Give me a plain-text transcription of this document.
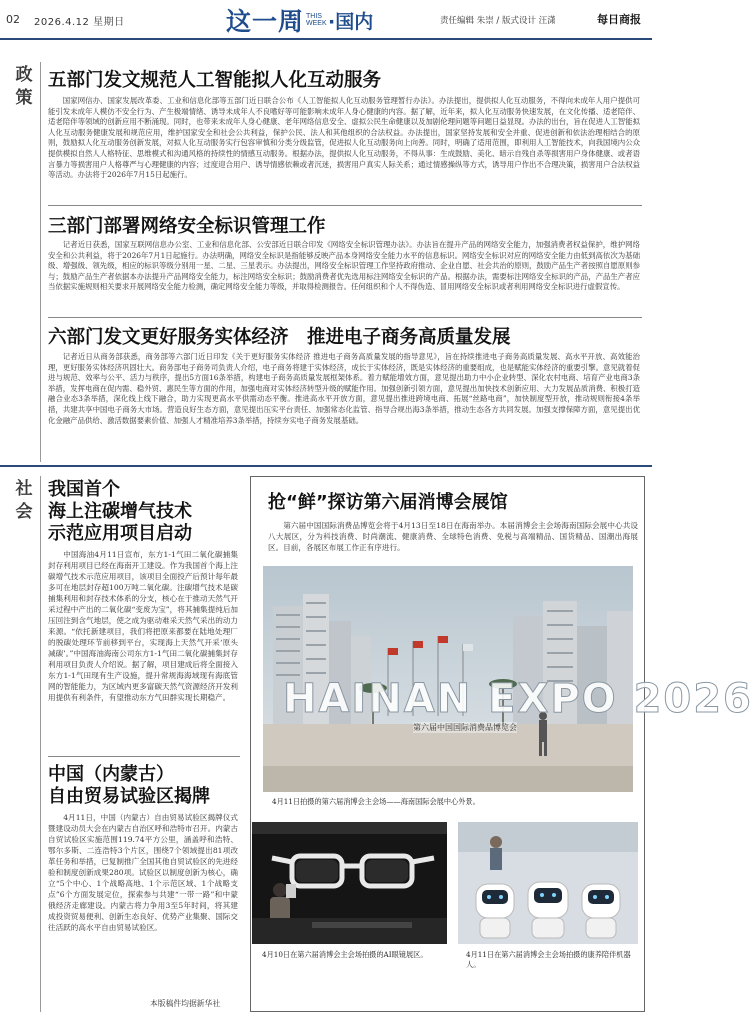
02 2026.4.12 星期日	这一周 THIS WEEK ·国内	责任编辑 朱崇 / 版式设计 汪潇	每日商报
政策
五部门发文规范人工智能拟人化互动服务

国家网信办、国家发展改革委、工业和信息化部等五部门近日联合公布《人工智能拟人化互动服务管理暂行办法》。办法提出，提供拟人化互动服务，不得向未成年人用户提供可能引发未成年人模仿不安全行为、产生极端情绪、诱导未成年人不良嗜好等可能影响未成年人身心健康的内容。据了解，近年来，拟人化互动服务快速发展，在文化传播、适老陪伴、适老陪伴等领域的创新应用不断涌现。同时，也带来未成年人身心健康、老年网络信息安全、虚拟公民生命健康以及加剧伦理问题等问题日益显现。办法的出台，旨在促进人工智能拟人化互动服务健康发展和规范应用，维护国家安全和社会公共利益，保护公民、法人和其他组织的合法权益。办法提出，国家坚持发展和安全并重、促进创新和依法治理相结合的原则，鼓励拟人化互动服务创新发展，对拟人化互动服务实行包容审慎和分类分级监管，促进拟人化互动服务向上向善。同时，明确了适用范围，即利用人工智能技术，向我国境内公众提供模拟自然人人格特征、思维模式和沟通风格的持续性的情感互动服务。根据办法，提供拟人化互动服务，不得从事：生成鼓励、美化、暗示自残自杀等损害用户身体健康、或者语言暴力等损害用户人格尊严与心理健康的内容；过度迎合用户、诱导情感依赖或者沉迷，损害用户真实人际关系；通过情感操纵等方式，诱导用户作出不合理决策，损害用户合法权益等活动。办法将于2026年7月15日起施行。

三部门部署网络安全标识管理工作

记者近日获悉，国家互联网信息办公室、工业和信息化部、公安部近日联合印发《网络安全标识管理办法》。办法旨在提升产品的网络安全能力，加强消费者权益保护，维护网络安全和公共利益，将于2026年7月1日起施行。办法明确，网络安全标识是指能够反映产品本身网络安全能力水平的信息标识。网络安全标识对应的网络安全能力由低到高依次为基础级、增强级、领先级，相应的标识等级分别用一星、二星、三星表示。办法提出，网络安全标识管理工作坚持政府推动、企业自愿、社会共治的原则，鼓励产品生产者按照自愿原则参与；鼓励产品生产者依据本办法提升产品网络安全能力，标注网络安全标识；鼓励消费者优先选用标注网络安全标识的产品。根据办法，需要标注网络安全标识的产品，产品生产者应当依据实施规则相关要求开展网络安全能力检测，确定网络安全能力等级，并取得检测报告。任何组织和个人不得伪造、冒用网络安全标识或者利用网络安全标识进行虚假宣传。

六部门发文更好服务实体经济　推进电子商务高质量发展

记者近日从商务部获悉，商务部等六部门近日印发《关于更好服务实体经济 推进电子商务高质量发展的指导意见》，旨在持续推进电子商务高质量发展、高水平开放、高效能治理，更好服务实体经济巩固壮大。商务部电子商务司负责人介绍，电子商务将建于实体经济，成长于实体经济，既是实体经济的重要组成，也是赋能实体经济的重要引擎。意见就着促进与规范、效率与公平、活力与秩序，提出5方面16条举措，构建电子商务高质量发展框架体系。着力赋能增效方面，意见提出助力中小企业转型、深化农村电商、培育产业电商3条举措，发挥电商在促内需、稳外贸、惠民生等方面的作用，加强电商对实体经济转型升级的赋能作用。加强创新引领方面，意见提出加快技术创新应用、大力发展品质消费、积极打造融合业态3条举措，深化线上线下融合，助力实现更高水平供需动态平衡。推进高水平开放方面，意见提出推进跨境电商、拓展“丝路电商”，加快制度型开放，推动规则衔接4条举措，共建共享中国电子商务大市场。营造良好生态方面，意见提出压实平台责任、加强常态化监管、指导合规出海3条举措，推动生态各方共同发展。加强支撑保障方面，意见提出优化金融产品供给、激活数据要素价值、加强人才精准培养3条举措，持续夯实电子商务发展基础。

社会
我国首个
海上注碳增气技术
示范应用项目启动

中国海油4月11日宣布，东方1-1气田二氧化碳捕集封存利用项目已经在海南开工建设。作为我国首个海上注碳增气技术示范应用项目，该项目全面投产后预计每年最多可在地层封存超100万吨二氧化碳。注碳增气技术是碳捕集利用和封存技术体系的分支，核心在于推动天然气开采过程中产出的二氧化碳“变废为宝”，将其捕集提纯后加压回注到含气地层，使之成为驱动难采天然气采出的动力来源。“依托新建项目，我们将把原来都要在陆地处理厂的脱碳处理环节前移到平台，实现海上天然气开采‘原头减碳’。”中国海油海南公司东方1-1气田二氧化碳捕集封存利用项目负责人介绍说。据了解，项目建成后将全面接入东方1-1气田现有生产设施，提升常规海海域现有海底管网的智能能力，为区域内更多富碳天然气资源经济开发利用提供有利条件，有望推动东方气田群实现长期稳产。

中国（内蒙古）
自由贸易试验区揭牌

4月11日，中国（内蒙古）自由贸易试验区揭牌仪式暨建设动员大会在内蒙古自治区呼和浩特市召开。内蒙古自贸试验区实施范围119.74平方公里，涵盖呼和浩特、鄂尔多斯、二连浩特3个片区，围绕7个领域提出81项改革任务和举措，已复制推广全国其他自贸试验区的先进经验和制度创新成果280项。试验区以制度创新为核心，确立“5个中心、1个战略高地、1个示范区域、1个战略支点”6个方面发展定位，探索参与共建“一带一路”和中蒙俄经济走廊建设。内蒙古将力争用3至5年时间，将其建成投资贸易便利、创新生态良好、优势产业集聚、国际交往活跃的高水平自由贸易试验区。

本版稿件均据新华社
抢“鲜”探访第六届消博会展馆

第六届中国国际消费品博览会将于4月13日至18日在海南举办。本届消博会主会场海南国际会展中心共设八大展区，分为科技消费、时尚潮流、健康消费、全球特色消费、免税与高端精品、国货精品、国潮出海展区。目前，各展区布展工作正有序进行。

HAINAN EXPO 2026
第六届中国国际消费品博览会
4月11日拍摄的第六届消博会主会场——海南国际会展中心外景。
4月10日在第六届消博会主会场拍摄的AI眼镜展区。	4月11日在第六届消博会主会场拍摄的康养陪伴机器人。
